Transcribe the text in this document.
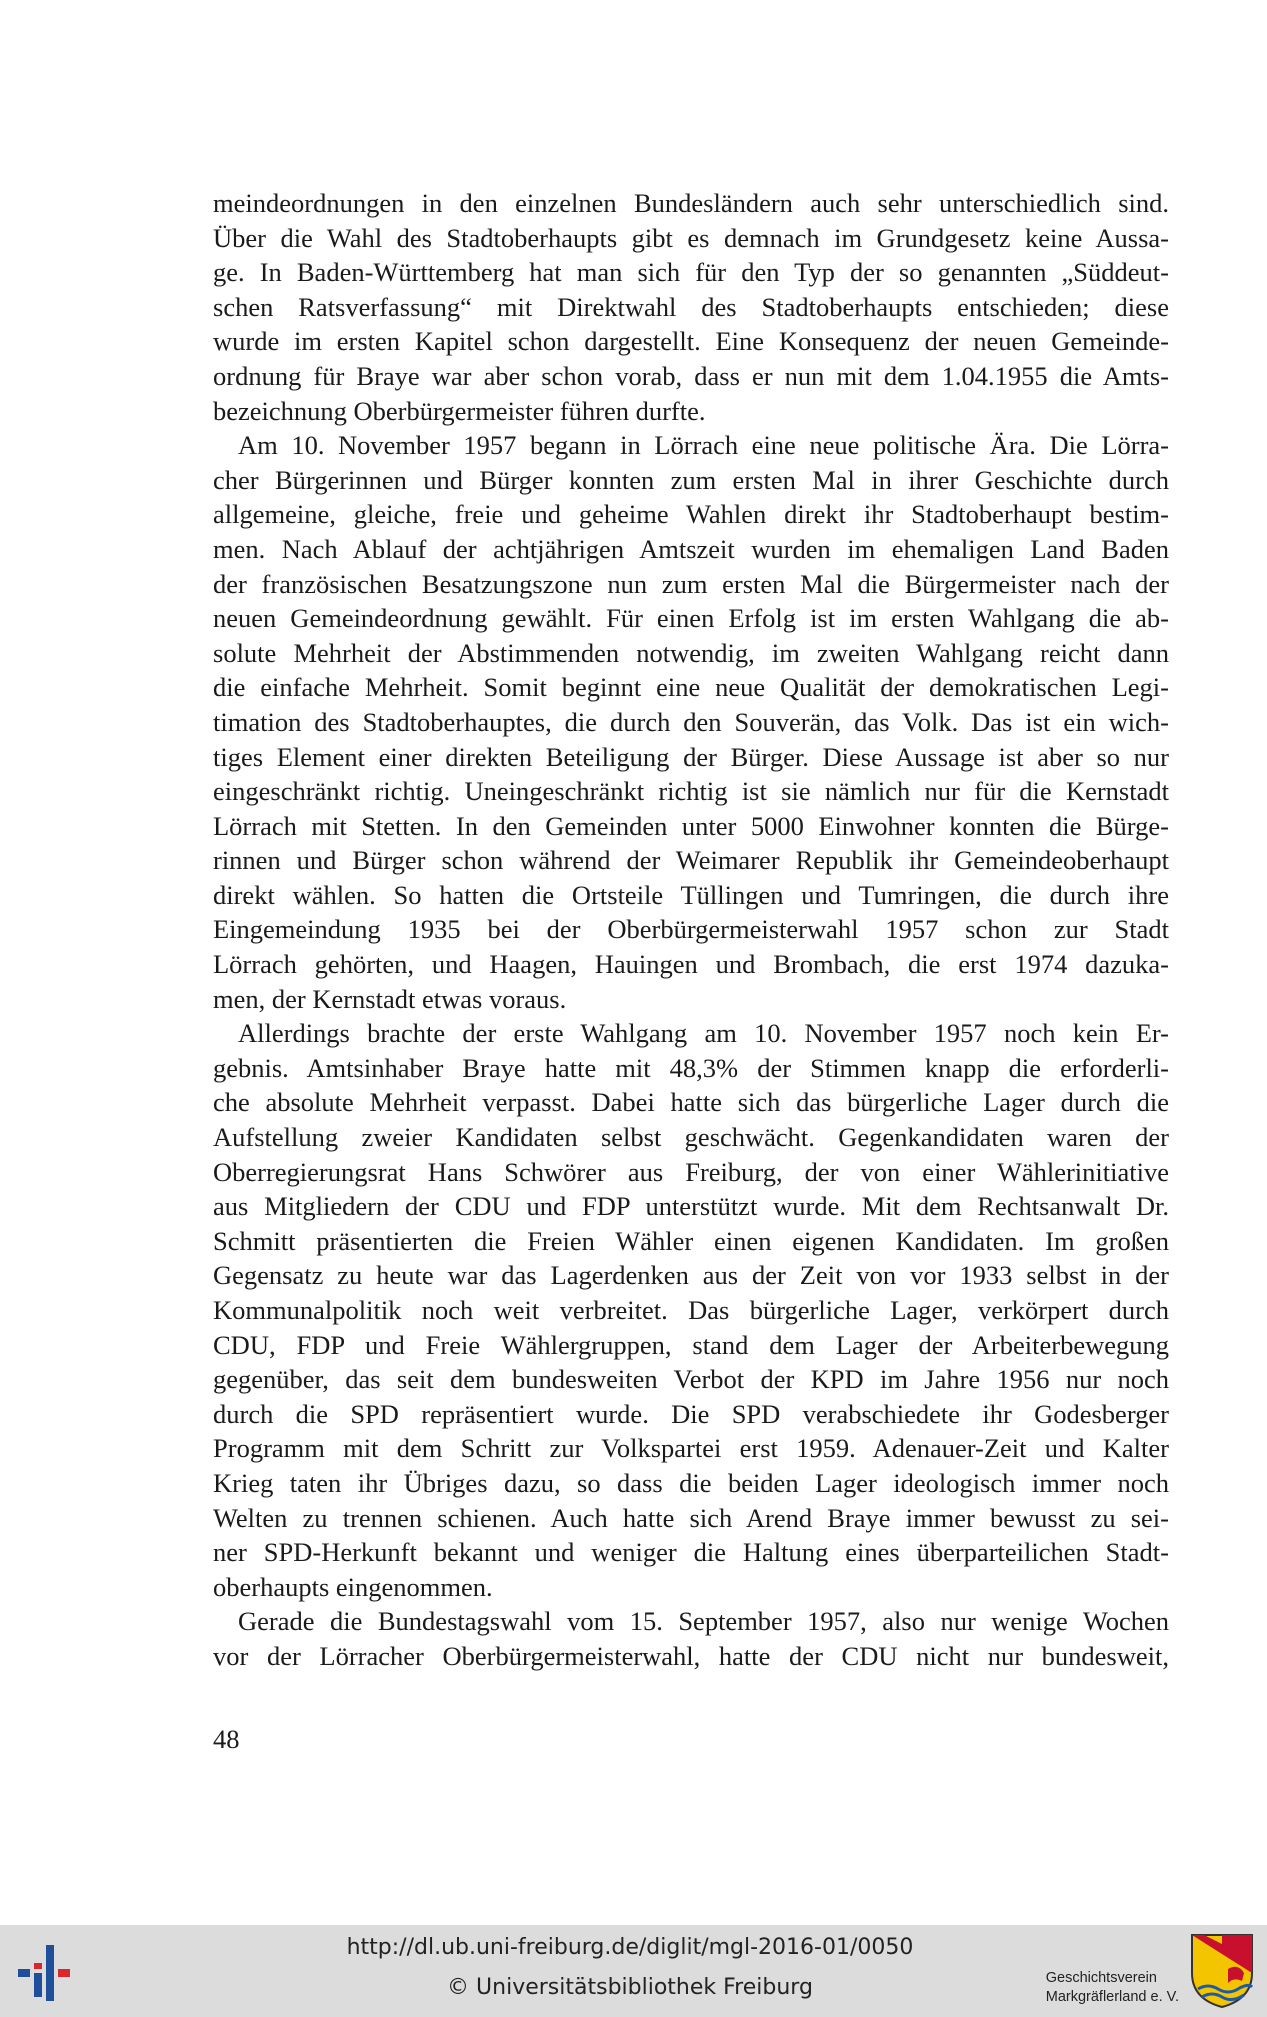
meindeordnungen in den einzelnen Bundesländern auch sehr unterschiedlich sind.
Über die Wahl des Stadtoberhaupts gibt es demnach im Grundgesetz keine Aussa-
ge. In Baden-Württemberg hat man sich für den Typ der so genannten „Süddeut-
schen Ratsverfassung“ mit Direktwahl des Stadtoberhaupts entschieden; diese
wurde im ersten Kapitel schon dargestellt. Eine Konsequenz der neuen Gemeinde-
ordnung für Braye war aber schon vorab, dass er nun mit dem 1.04.1955 die Amts-
bezeichnung Oberbürgermeister führen durfte.
Am 10. November 1957 begann in Lörrach eine neue politische Ära. Die Lörra-
cher Bürgerinnen und Bürger konnten zum ersten Mal in ihrer Geschichte durch
allgemeine, gleiche, freie und geheime Wahlen direkt ihr Stadtoberhaupt bestim-
men. Nach Ablauf der achtjährigen Amtszeit wurden im ehemaligen Land Baden
der französischen Besatzungszone nun zum ersten Mal die Bürgermeister nach der
neuen Gemeindeordnung gewählt. Für einen Erfolg ist im ersten Wahlgang die ab-
solute Mehrheit der Abstimmenden notwendig, im zweiten Wahlgang reicht dann
die einfache Mehrheit. Somit beginnt eine neue Qualität der demokratischen Legi-
timation des Stadtoberhauptes, die durch den Souverän, das Volk. Das ist ein wich-
tiges Element einer direkten Beteiligung der Bürger. Diese Aussage ist aber so nur
eingeschränkt richtig. Uneingeschränkt richtig ist sie nämlich nur für die Kernstadt
Lörrach mit Stetten. In den Gemeinden unter 5000 Einwohner konnten die Bürge-
rinnen und Bürger schon während der Weimarer Republik ihr Gemeindeoberhaupt
direkt wählen. So hatten die Ortsteile Tüllingen und Tumringen, die durch ihre
Eingemeindung 1935 bei der Oberbürgermeisterwahl 1957 schon zur Stadt
Lörrach gehörten, und Haagen, Hauingen und Brombach, die erst 1974 dazuka-
men, der Kernstadt etwas voraus.
Allerdings brachte der erste Wahlgang am 10. November 1957 noch kein Er-
gebnis. Amtsinhaber Braye hatte mit 48,3% der Stimmen knapp die erforderli-
che absolute Mehrheit verpasst. Dabei hatte sich das bürgerliche Lager durch die
Aufstellung zweier Kandidaten selbst geschwächt. Gegenkandidaten waren der
Oberregierungsrat Hans Schwörer aus Freiburg, der von einer Wählerinitiative
aus Mitgliedern der CDU und FDP unterstützt wurde. Mit dem Rechtsanwalt Dr.
Schmitt präsentierten die Freien Wähler einen eigenen Kandidaten. Im großen
Gegensatz zu heute war das Lagerdenken aus der Zeit von vor 1933 selbst in der
Kommunalpolitik noch weit verbreitet. Das bürgerliche Lager, verkörpert durch
CDU, FDP und Freie Wählergruppen, stand dem Lager der Arbeiterbewegung
gegenüber, das seit dem bundesweiten Verbot der KPD im Jahre 1956 nur noch
durch die SPD repräsentiert wurde. Die SPD verabschiedete ihr Godesberger
Programm mit dem Schritt zur Volkspartei erst 1959. Adenauer-Zeit und Kalter
Krieg taten ihr Übriges dazu, so dass die beiden Lager ideologisch immer noch
Welten zu trennen schienen. Auch hatte sich Arend Braye immer bewusst zu sei-
ner SPD-Herkunft bekannt und weniger die Haltung eines überparteilichen Stadt-
oberhaupts eingenommen.
Gerade die Bundestagswahl vom 15. September 1957, also nur wenige Wochen
vor der Lörracher Oberbürgermeisterwahl, hatte der CDU nicht nur bundesweit,
48
http://dl.ub.uni-freiburg.de/diglit/mgl-2016-01/0050
© Universitätsbibliothek Freiburg	Geschichtsverein
Markgräflerland e. V.
